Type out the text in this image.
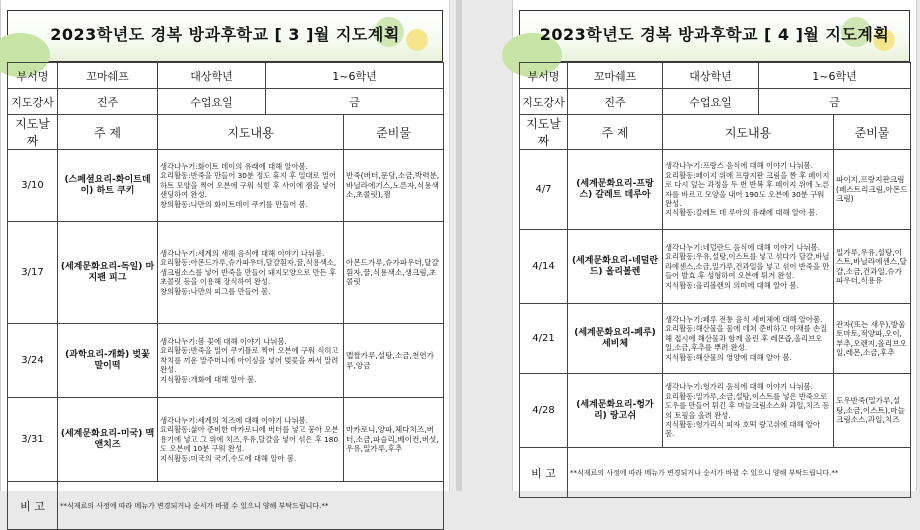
2023학년도 경복 방과후학교 [ 3 ]월 지도계획
부서명	꼬마쉐프	대상학년	1~6학년	
지도강사	진주	수업요일	금	
지도날짜	주 제	지도내용		준비물
3/10	(스페셜요리-화이트데이) 하트 쿠키	생각나누기:화이트 데이의 유래에 대해 알아봄.
요리활동:반죽을 만들어 30분 정도 휴지 후 밀대로 밀어 하트 모양을 찍어 오븐에 구워 식힌 후 사이에 잼을 넣어 샌딩하여 완성.
창의활동:나만의 화이트데이 쿠키를 만들어 봄.		반죽(버터,문당,소금,박력분,바닐라에기스,노른자,식용색소,초콜릿),잼
3/17	(세계문화요리-독일) 마지팬 피그	생각나누기:세계의 새해 음식에 대해 이야기 나눠봄.
요리활동:아몬드가루,슈가파우더,달걀흰자,꿀,식용색소,생크림소스를 넣어 반죽을 만들어 돼지모양으로 만든 후 초콜릿 등을 이용해 장식하여 완성.
창의활동:나만의 피그를 만들어 봄.		아몬드가루,슈가파우더,달걀흰자,꿀,식용색소,생크림,초콜릿
3/24	(과학요리-개화) 벚꽃 말이떡	생각나누기:봄 꽃에 대해 이야기 나눠봄.
요리활동:반죽을 밀어 쿠키틀로 찍어 오븐에 구워 식히고 착치를 끼운 말주머니에 아이싱을 넣어 벚꽃을 짜서 말려 완성.
지식활동:개화에 대해 알아 봄.		멥쌀가루,설탕,소금,천연가루,앙금
3/31	(세계문화요리-미국) 맥앤치즈	생각나누기:세계의 치즈에 대해 이야기 나눠봄.
요리활동:삶아 준비한 마카로니에 버터를 넣고 뭉아 오븐
용기에 넣고 그 위에 치즈,우유,달걀을 넣어 섞은 후 180도 오븐에 10분 구워 완성.
지식활동:미국의 국기,수도에 대해 알아 봄.		마카로니,양파,체다치즈,버터,소금,파슬리,베이컨,버섯,우유,밀가루,후추
비 고	**식재료의 사정에 따라 메뉴가 변경되거나 순서가 바뀔 수 있으니 양해 부탁드립니다.**			
2023학년도 경복 방과후학교 [ 4 ]월 지도계획
부서명	꼬마쉐프	대상학년	1~6학년	
지도강사	진주	수업요일	금	
지도날짜	주 제	지도내용		준비물
4/7	(세계문화요리-프랑스) 갈레트 데루아	생각나누기:프랑스 음식에 대해 이야기 나눠봄.
요리활동:페이지 위에 프랑지판 크림을 짠 후 페이지로 다시 덮는 과정을 두 번 반복 후 페이지 위에 노른자를 바르고 모양을 내어 190도 오븐에 30분 구워 완성.
지식활동:갈레트 데 루아의 유래에 대해 알아 봄.		파이지,프랑지판크림(페스트리크림,아몬드크림)
4/14	(세계문화요리-네덜란드) 올리볼렌	생각나누기:네덜란드 음식에 대해 이야기 나눠봄.
요리활동:우유,설탕,이스트를 넣고 섞다가 달걀,바닐라에센스,소금,밀가루,건과일을 넣고 섞어 반죽을 만들어 발효 후 성형하여 오븐에 튀겨 완성.
지식활동:올리볼렌의 의미에 대해 알아 봄.		밀가루,우유,설탕,이스트,바닐라에센스,달걀,소금,건과일,슈가파우더,식용유
4/21	(세계문화요리-페루) 세비체	생각나누기:페루 전통 음식 세비체에 대해 알아봄.
요리활동:해산물을 물에 데쳐 준비하고 야채를 손질해 접시에 해산물과 함께 올린 후 레몬즙,올리브오일,소금,후추를 뿌려 완성.
지식활동:해산물의 영양에 대해 알아 봄.		관자(또는 새우),방울토마토,적양파,오이,부추,오렌지,올리브오일,레몬,소금,후추
4/28	(세계문화요리-헝가리) 랑고쉬	생각나누기:헝가리 음식에 대해 이야기 나눠봄.
요리활동:밀가루,소금,설탕,이스트를 넣은 반죽으로 도우를 만들어 튀긴 후 마늘크림소스와 과일,치즈 등의 토핑을 올려 완성.
지식활동:헝가리식 피자 호떡 랑고쉬에 대해 알아 봄.		도우반죽(밀가루,설탕,소금,이스트),마늘크림소스,과일,치즈
비 고	**식재료의 사정에 따라 메뉴가 변경되거나 순서가 바뀔 수 있으니 양해 부탁드립니다.**			
